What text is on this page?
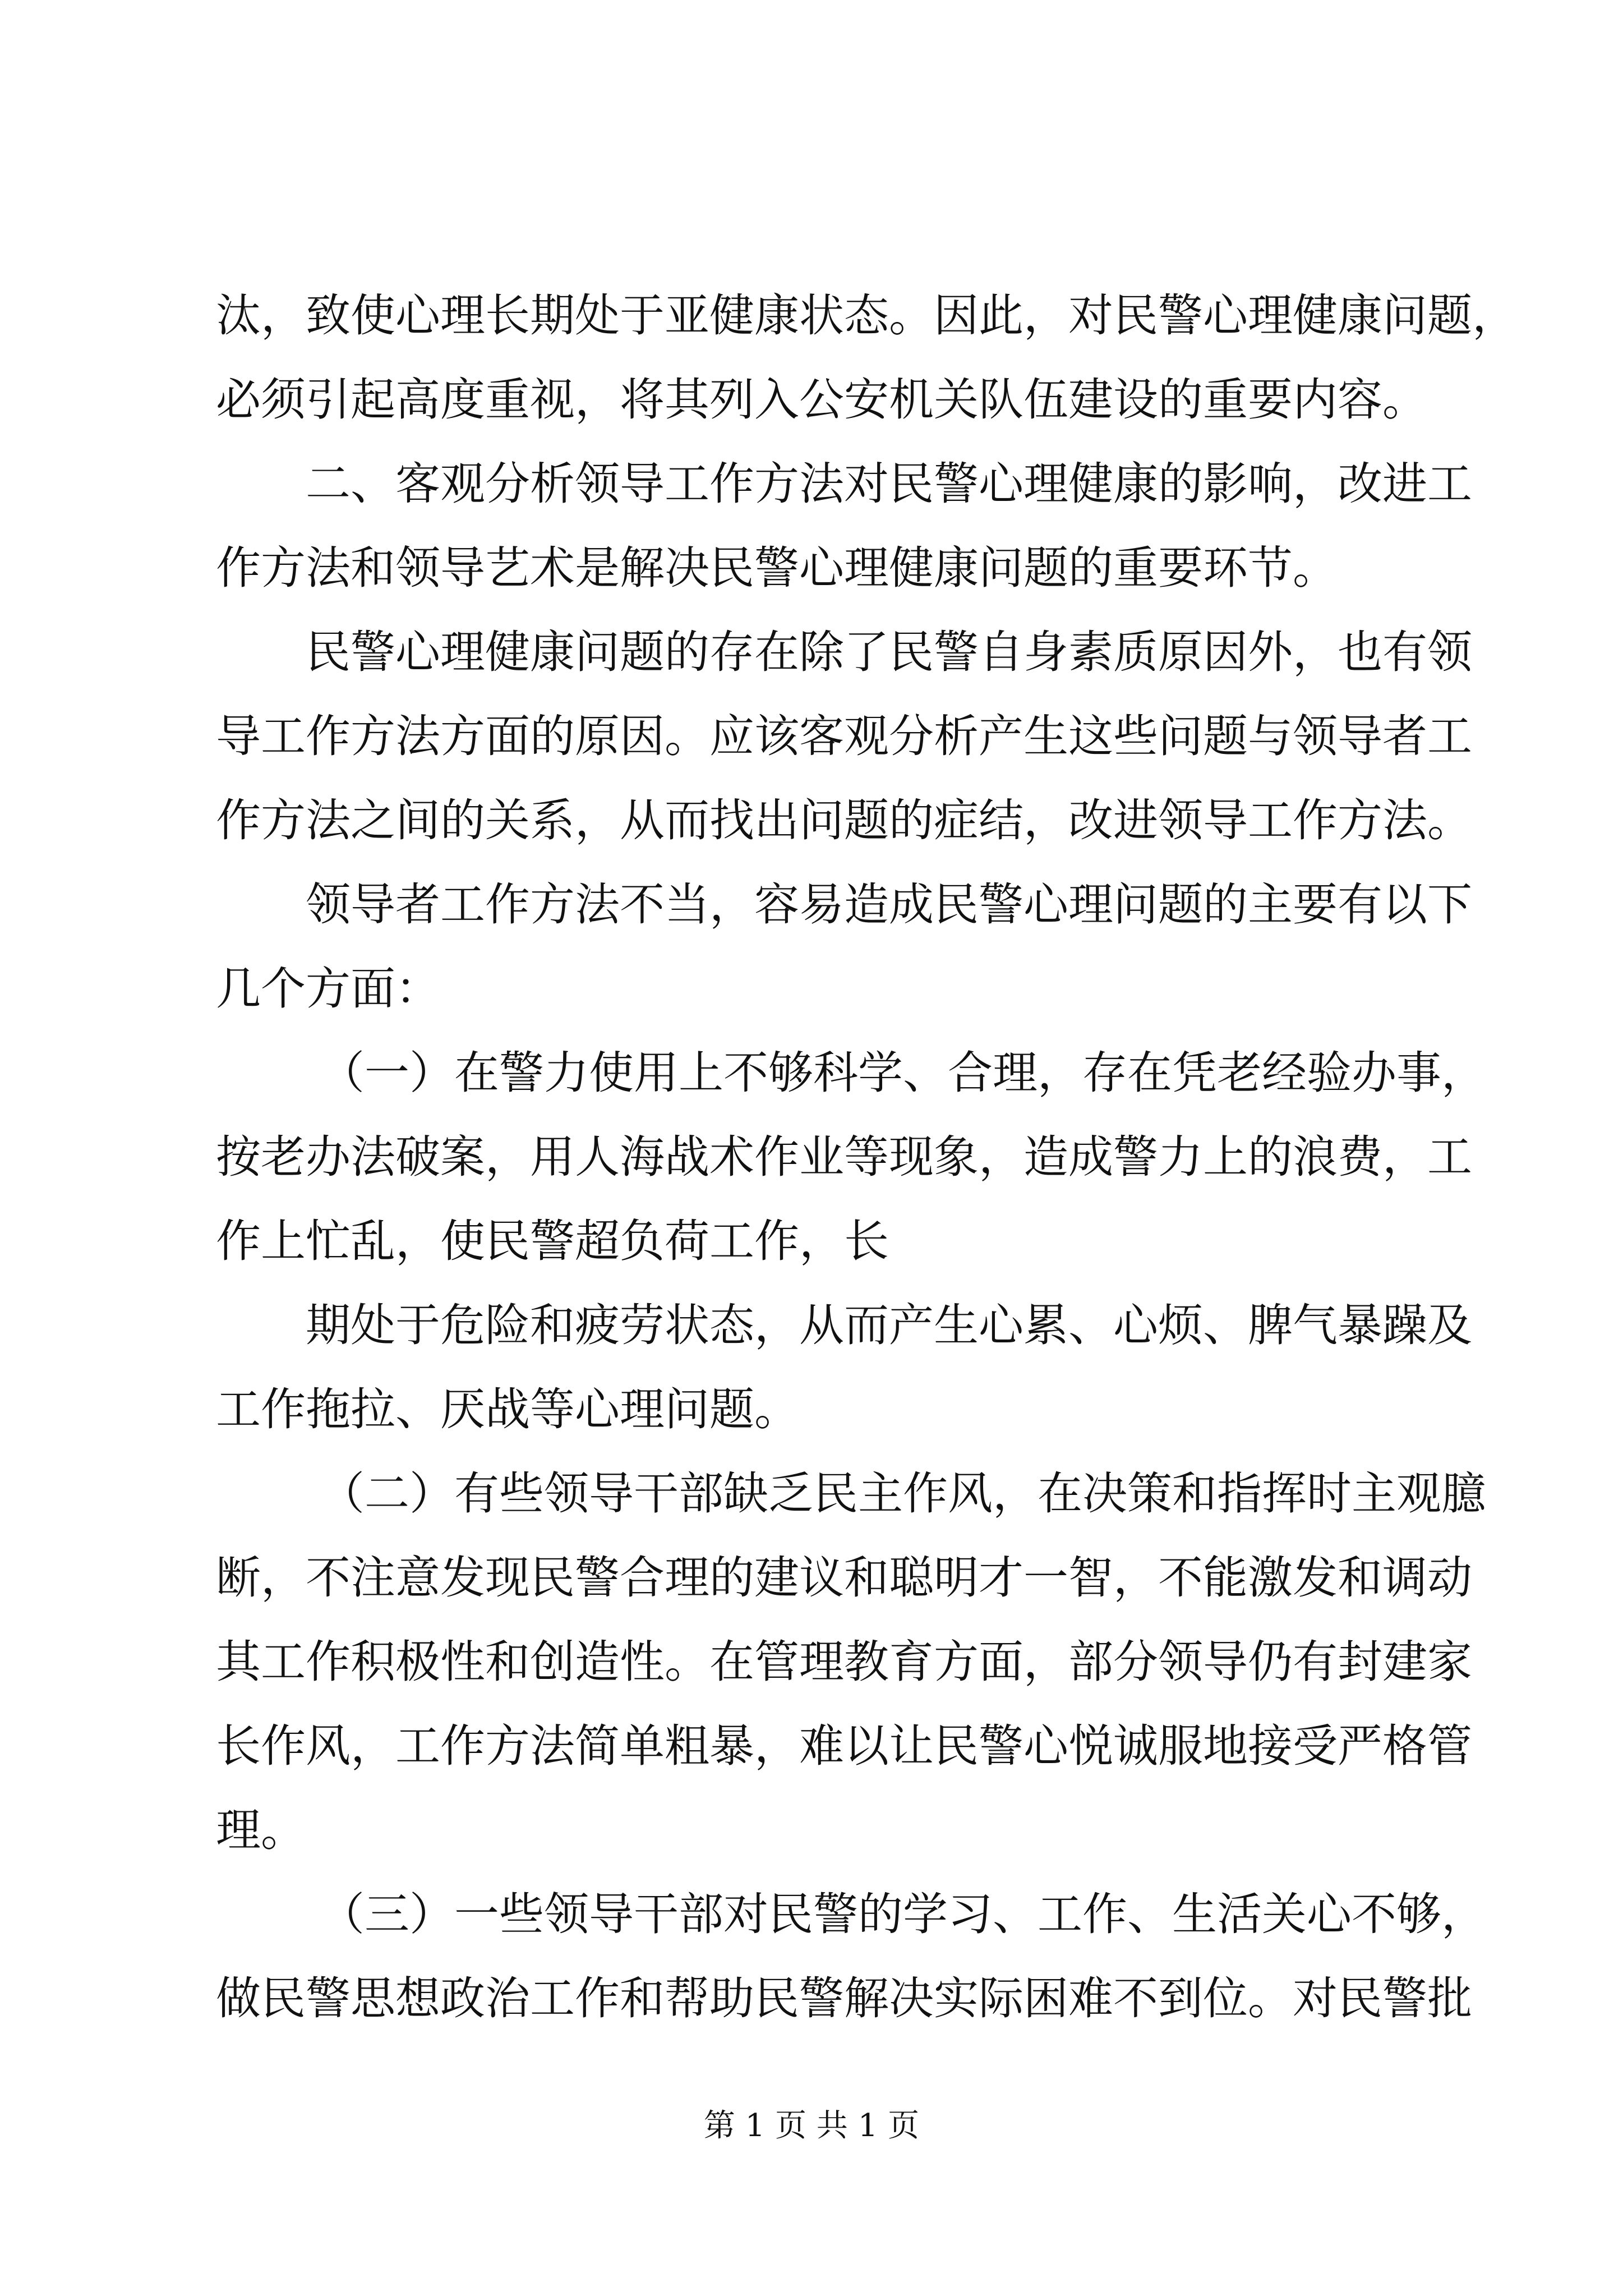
汰，致使心理长期处于亚健康状态。因此，对民警心理健康问题，
必须引起高度重视，将其列入公安机关队伍建设的重要内容。
二、客观分析领导工作方法对民警心理健康的影响，改进工
作方法和领导艺术是解决民警心理健康问题的重要环节。
民警心理健康问题的存在除了民警自身素质原因外，也有领
导工作方法方面的原因。应该客观分析产生这些问题与领导者工
作方法之间的关系，从而找出问题的症结，改进领导工作方法。
领导者工作方法不当，容易造成民警心理问题的主要有以下
几个方面：
（一）在警力使用上不够科学、合理，存在凭老经验办事，
按老办法破案，用人海战术作业等现象，造成警力上的浪费，工
作上忙乱，使民警超负荷工作，长
期处于危险和疲劳状态，从而产生心累、心烦、脾气暴躁及
工作拖拉、厌战等心理问题。
（二）有些领导干部缺乏民主作风，在决策和指挥时主观臆
断，不注意发现民警合理的建议和聪明才一智，不能激发和调动
其工作积极性和创造性。在管理教育方面，部分领导仍有封建家
长作风，工作方法简单粗暴，难以让民警心悦诚服地接受严格管
理。
（三）一些领导干部对民警的学习、工作、生活关心不够，
做民警思想政治工作和帮助民警解决实际困难不到位。对民警批
第 1 页 共 1 页
